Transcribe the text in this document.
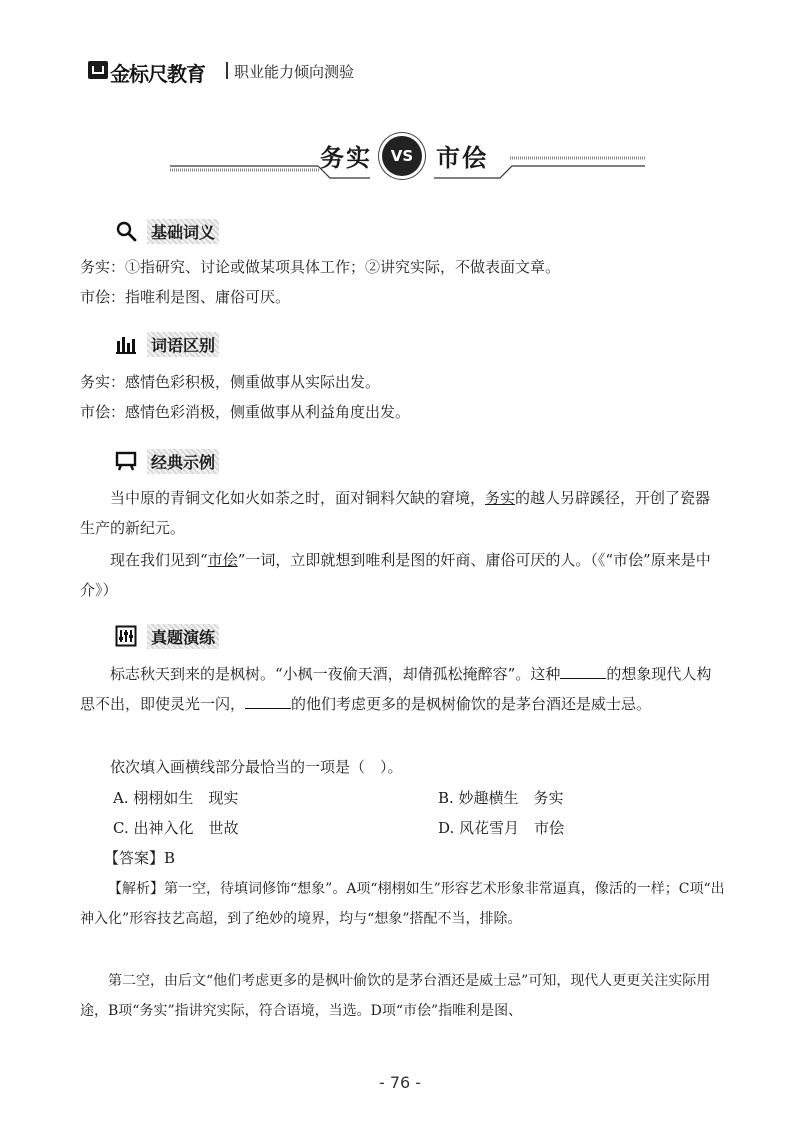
金标尺教育 职业能力倾向测验
务实	VS 市侩
基础词义
务实：①指研究、讨论或做某项具体工作；②讲究实际，不做表面文章。
市侩：指唯利是图、庸俗可厌。
词语区别
务实：感情色彩积极，侧重做事从实际出发。
市侩：感情色彩消极，侧重做事从利益角度出发。
经典示例
当中原的青铜文化如火如荼之时，面对铜料欠缺的窘境，务实的越人另辟蹊径，开创了瓷器生产的新纪元。
现在我们见到“市侩”一词，立即就想到唯利是图的奸商、庸俗可厌的人。（《“市侩”原来是中介》）
真题演练
标志秋天到来的是枫树。“小枫一夜偷天酒，却倩孤松掩醉容”。这种	的想象现代人构思不出，即使灵光一闪，	的他们考虑更多的是枫树偷饮的是茅台酒还是威士忌。
依次填入画横线部分最恰当的一项是（　）。
A. 栩栩如生　现实	B. 妙趣横生　务实
C. 出神入化　世故	D. 风花雪月　市侩
【答案】B
【解析】第一空，待填词修饰“想象”。A项“栩栩如生”形容艺术形象非常逼真，像活的一样；C项“出神入化”形容技艺高超，到了绝妙的境界，均与“想象”搭配不当，排除。
第二空，由后文“他们考虑更多的是枫叶偷饮的是茅台酒还是威士忌”可知，现代人更更关注实际用途，B项“务实”指讲究实际，符合语境，当选。D项“市侩”指唯利是图、
- 76 -
